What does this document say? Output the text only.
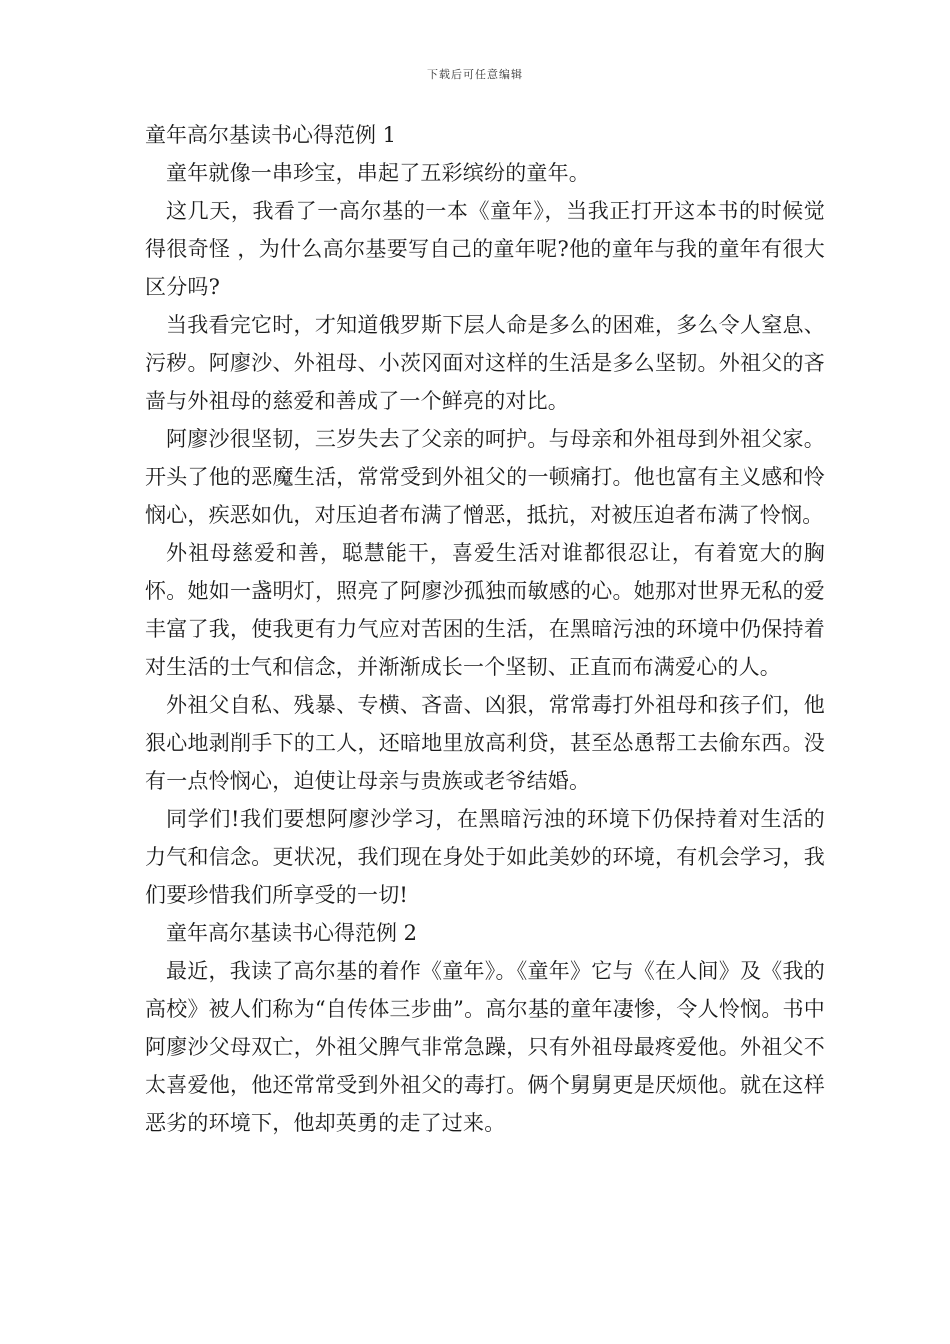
下载后可任意编辑
童年高尔基读书心得范例 1

童年就像一串珍宝，串起了五彩缤纷的童年。

这几天，我看了一高尔基的一本《童年》，当我正打开这本书的时候觉得很奇怪 ，为什么高尔基要写自己的童年呢?他的童年与我的童年有很大区分吗?

当我看完它时，才知道俄罗斯下层人命是多么的困难，多么令人窒息、污秽。阿廖沙、外祖母、小茨冈面对这样的生活是多么坚韧。外祖父的吝啬与外祖母的慈爱和善成了一个鲜亮的对比。

阿廖沙很坚韧，三岁失去了父亲的呵护。与母亲和外祖母到外祖父家。开头了他的恶魔生活，常常受到外祖父的一顿痛打。他也富有主义感和怜悯心，疾恶如仇，对压迫者布满了憎恶，抵抗，对被压迫者布满了怜悯。

外祖母慈爱和善，聪慧能干，喜爱生活对谁都很忍让，有着宽大的胸怀。她如一盏明灯，照亮了阿廖沙孤独而敏感的心。她那对世界无私的爱丰富了我，使我更有力气应对苦困的生活，在黑暗污浊的环境中仍保持着对生活的士气和信念，并渐渐成长一个坚韧、正直而布满爱心的人。

外祖父自私、残暴、专横、吝啬、凶狠，常常毒打外祖母和孩子们，他狠心地剥削手下的工人，还暗地里放高利贷，甚至怂恿帮工去偷东西。没有一点怜悯心，迫使让母亲与贵族或老爷结婚。

同学们!我们要想阿廖沙学习，在黑暗污浊的环境下仍保持着对生活的力气和信念。更状况，我们现在身处于如此美妙的环境，有机会学习，我们要珍惜我们所享受的一切!

童年高尔基读书心得范例 2

最近，我读了高尔基的着作《童年》。《童年》它与《在人间》及《我的高校》被人们称为“自传体三步曲”。高尔基的童年凄惨，令人怜悯。书中阿廖沙父母双亡，外祖父脾气非常急躁，只有外祖母最疼爱他。外祖父不太喜爱他，他还常常受到外祖父的毒打。俩个舅舅更是厌烦他。就在这样恶劣的环境下，他却英勇的走了过来。
